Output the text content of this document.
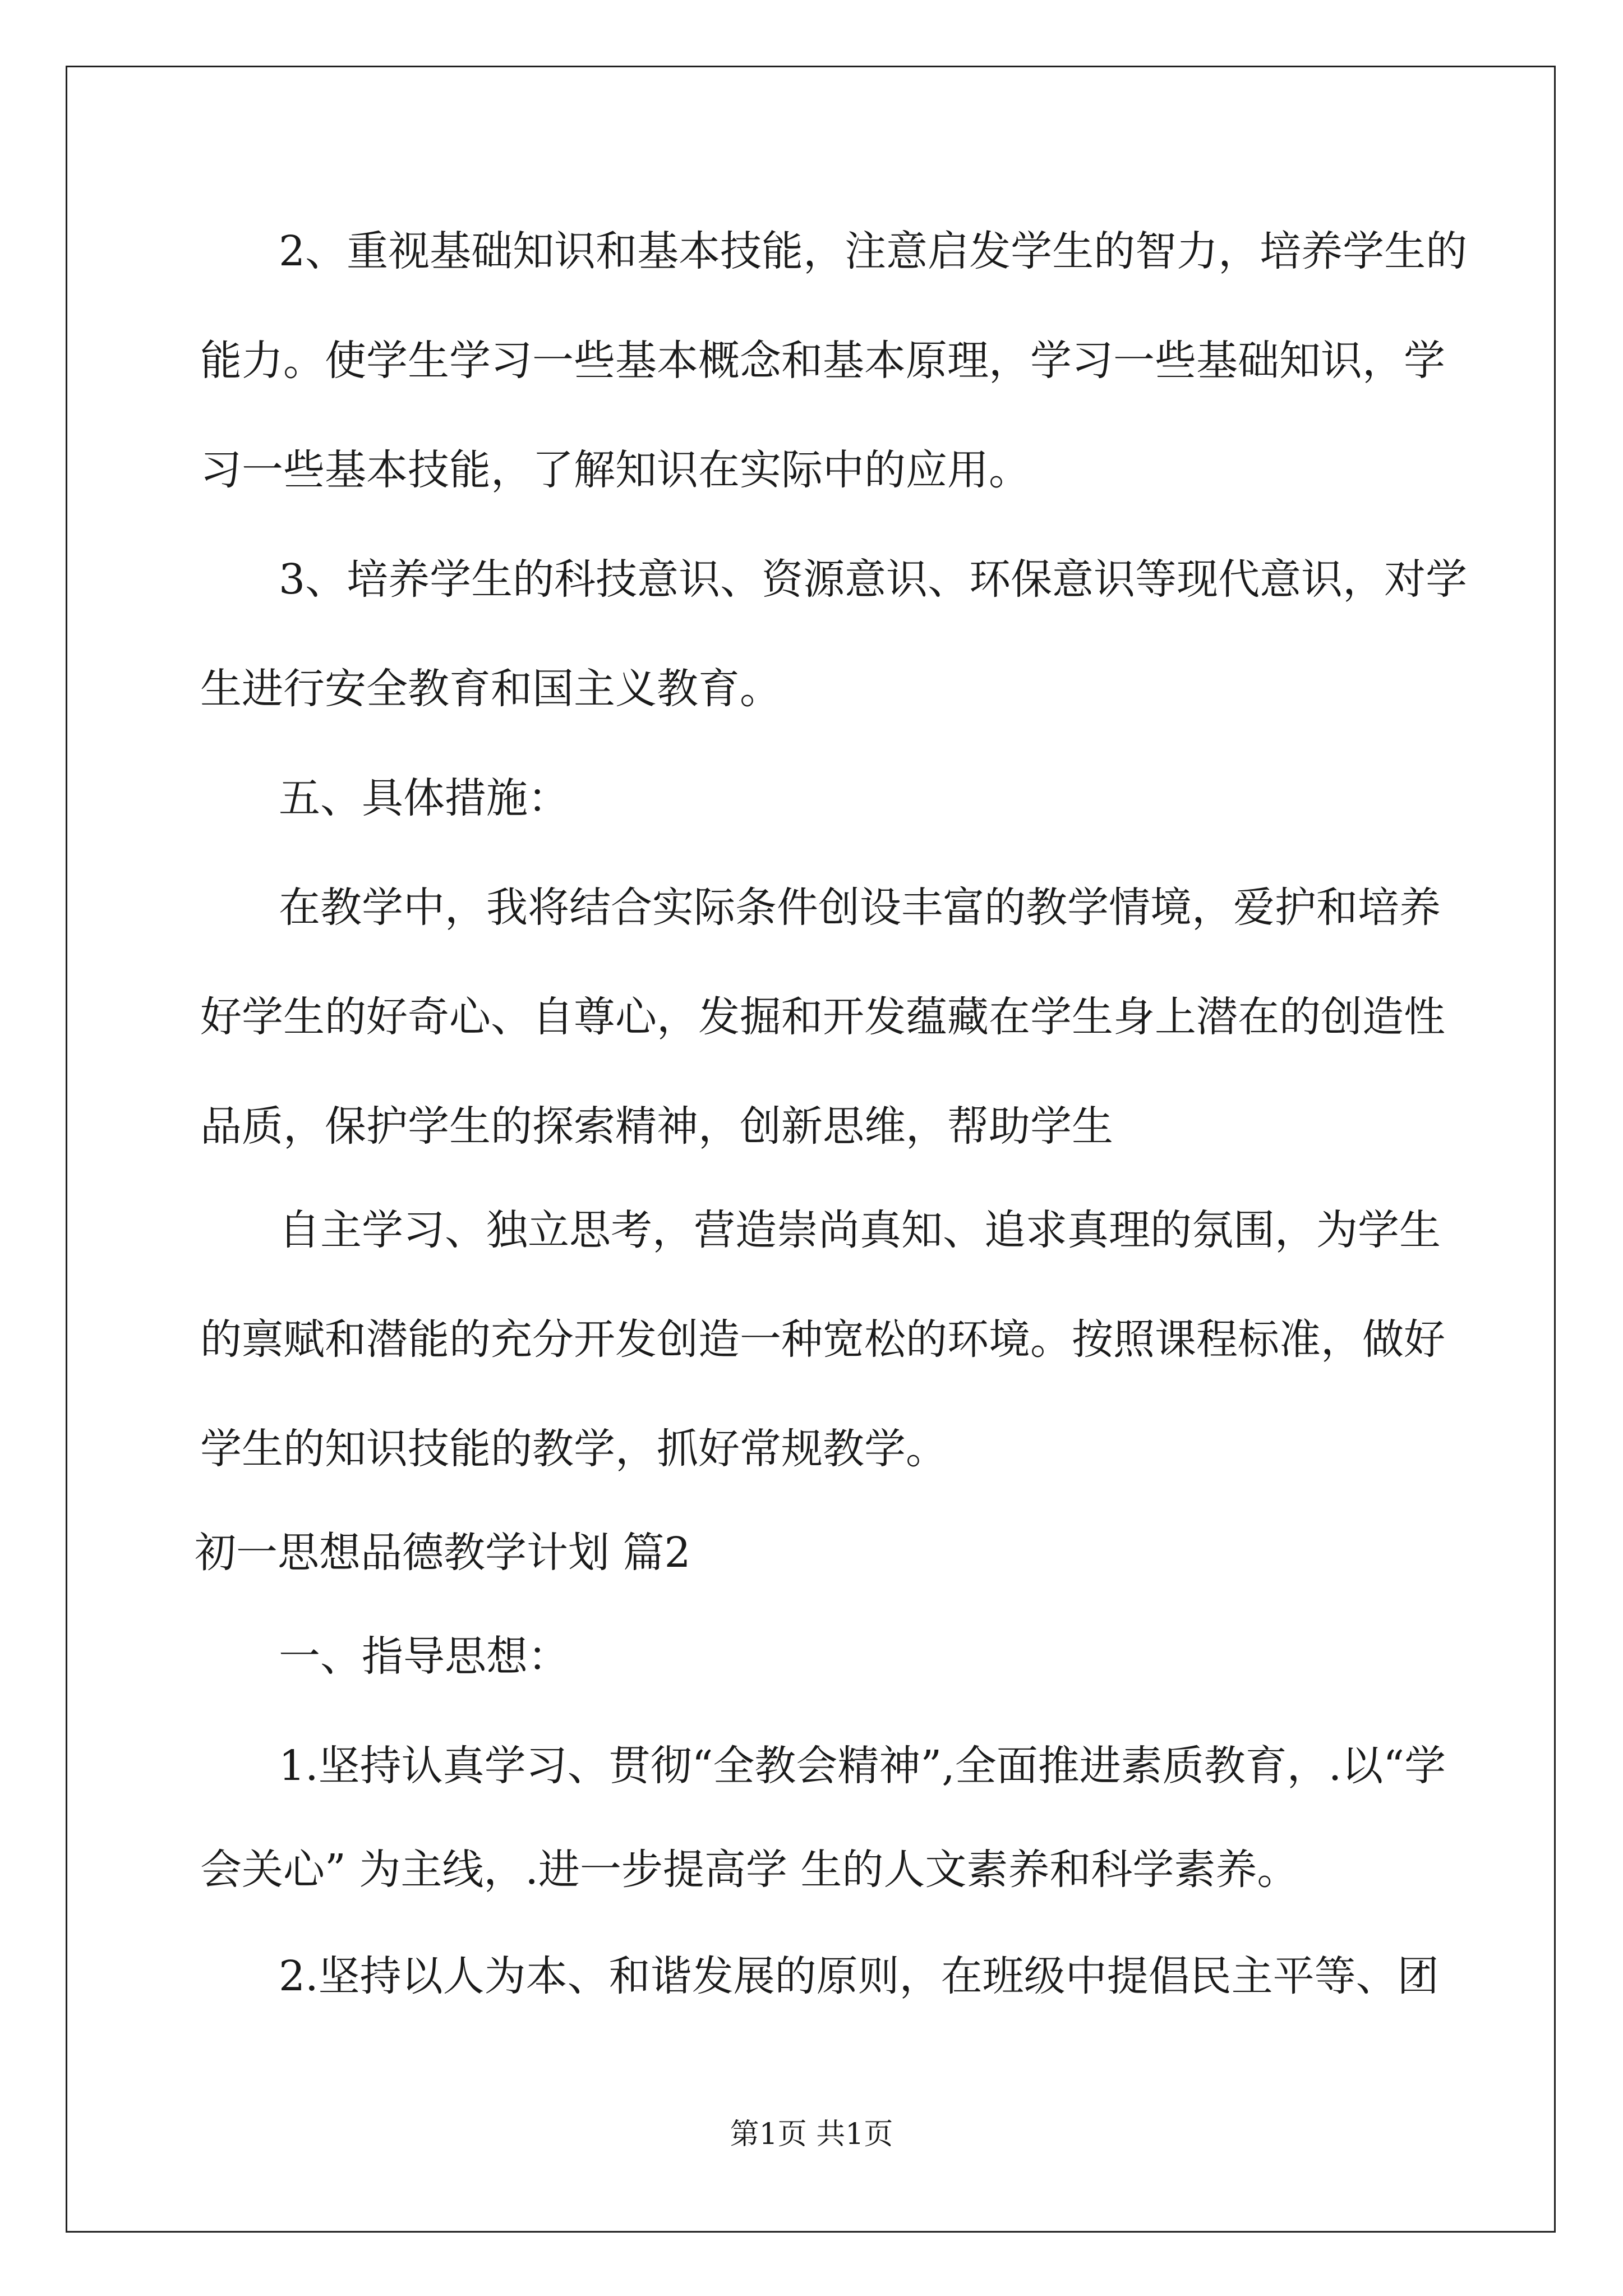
2、重视基础知识和基本技能，注意启发学生的智力，培养学生的

能力。使学生学习一些基本概念和基本原理，学习一些基础知识，学

习一些基本技能，了解知识在实际中的应用。

3、培养学生的科技意识、资源意识、环保意识等现代意识，对学

生进行安全教育和国主义教育。

五、具体措施：

在教学中，我将结合实际条件创设丰富的教学情境，爱护和培养

好学生的好奇心、自尊心，发掘和开发蕴藏在学生身上潜在的创造性

品质，保护学生的探索精神，创新思维，帮助学生

自主学习、独立思考，营造崇尚真知、追求真理的氛围，为学生

的禀赋和潜能的充分开发创造一种宽松的环境。按照课程标准，做好

学生的知识技能的教学，抓好常规教学。

初一思想品德教学计划 篇2

一、指导思想：

1.坚持认真学习、贯彻“全教会精神”,全面推进素质教育，.以“学

会关心” 为主线，.进一步提高学 生的人文素养和科学素养。

2.坚持以人为本、和谐发展的原则，在班级中提倡民主平等、团

第1页 共1页
